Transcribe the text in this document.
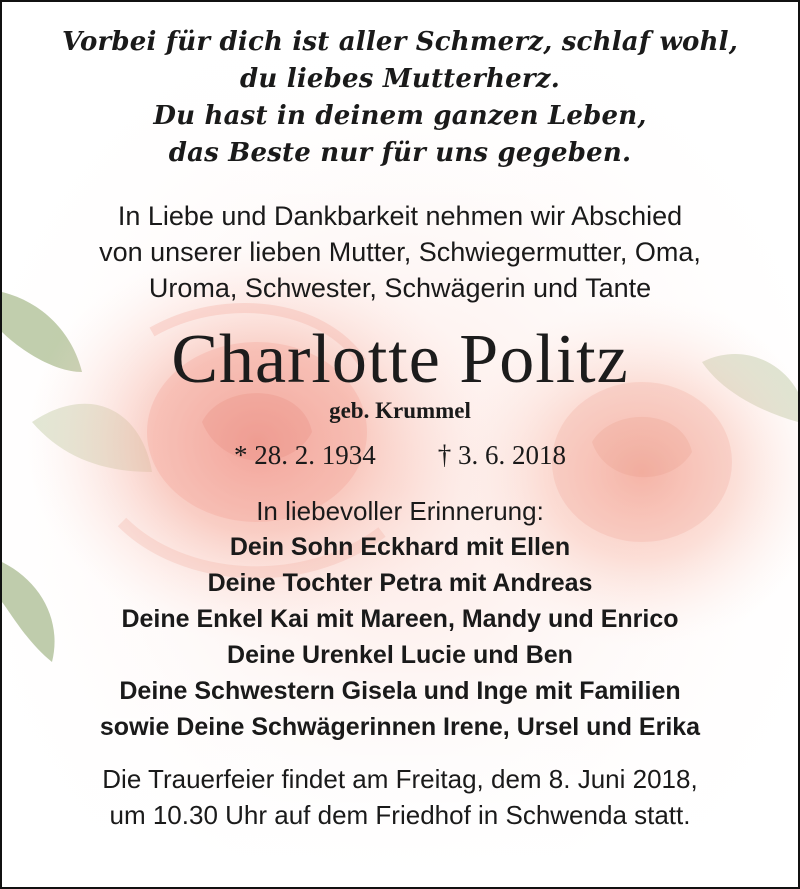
Vorbei für dich ist aller Schmerz, schlaf wohl,
du liebes Mutterherz.
Du hast in deinem ganzen Leben,
das Beste nur für uns gegeben.
In Liebe und Dankbarkeit nehmen wir Abschied
von unserer lieben Mutter, Schwiegermutter, Oma,
Uroma, Schwester, Schwägerin und Tante
Charlotte Politz
geb. Krummel
* 28. 2. 1934 † 3. 6. 2018
In liebevoller Erinnerung:
Dein Sohn Eckhard mit Ellen
Deine Tochter Petra mit Andreas
Deine Enkel Kai mit Mareen, Mandy und Enrico
Deine Urenkel Lucie und Ben
Deine Schwestern Gisela und Inge mit Familien
sowie Deine Schwägerinnen Irene, Ursel und Erika
Die Trauerfeier findet am Freitag, dem 8. Juni 2018,
um 10.30 Uhr auf dem Friedhof in Schwenda statt.
